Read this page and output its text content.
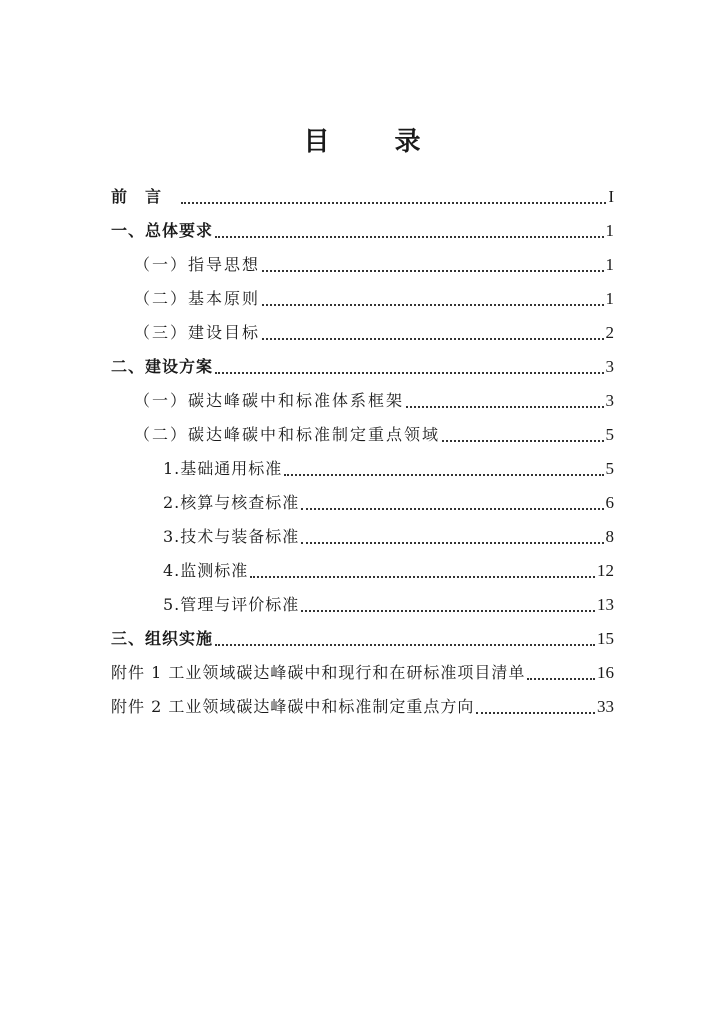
目 录
前言	I
一、总体要求	1
（一）指导思想	1
（二）基本原则	1
（三）建设目标	2
二、建设方案	3
（一）碳达峰碳中和标准体系框架	3
（二）碳达峰碳中和标准制定重点领域	5
1.基础通用标准	5
2.核算与核查标准	6
3.技术与装备标准	8
4.监测标准	12
5.管理与评价标准	13
三、组织实施	15
附件 1 工业领域碳达峰碳中和现行和在研标准项目清单	16
附件 2 工业领域碳达峰碳中和标准制定重点方向	33
